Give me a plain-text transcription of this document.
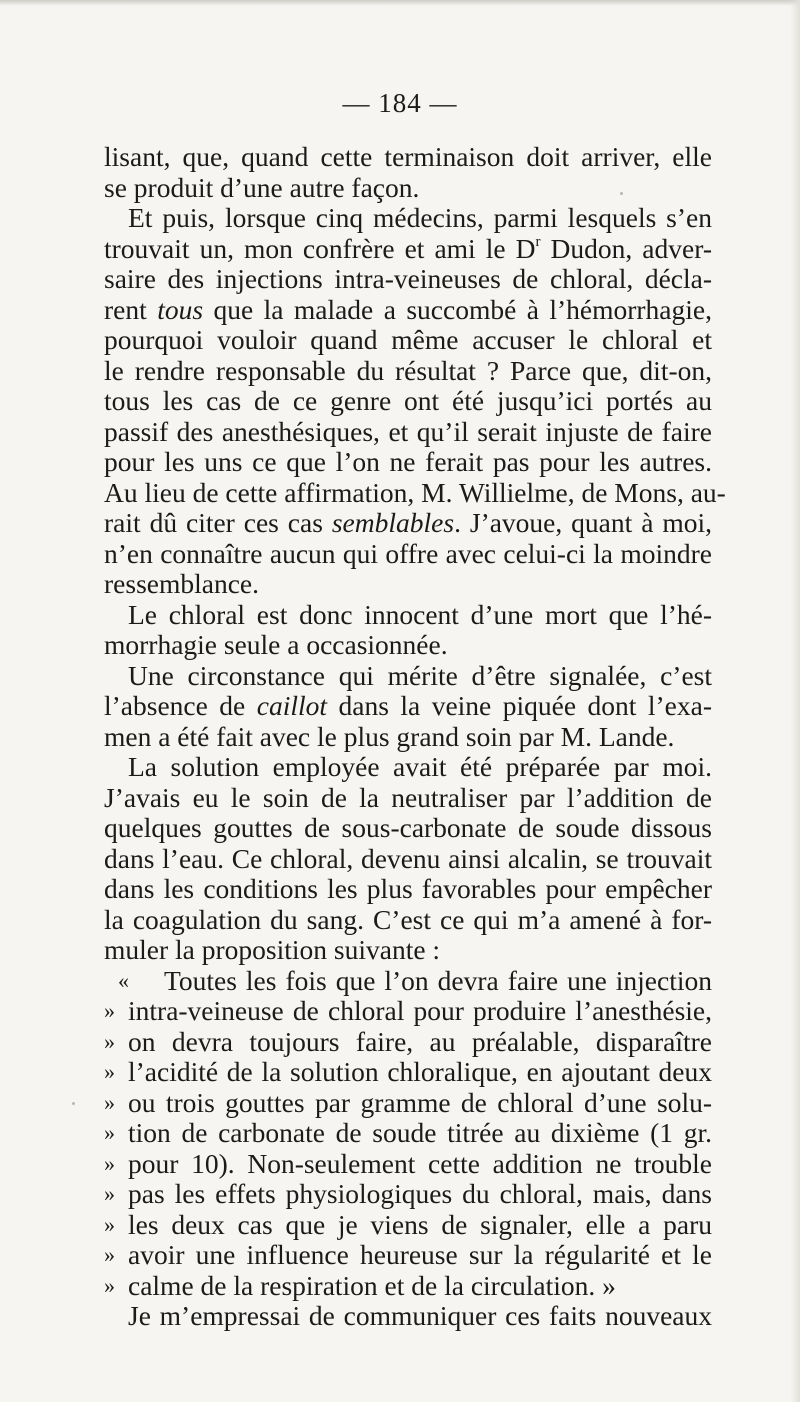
— 184 —
lisant, que, quand cette terminaison doit arriver, elle
se produit d’une autre façon.
Et puis, lorsque cinq médecins, parmi lesquels s’en
trouvait un, mon confrère et ami le $D^r$ Dudon, adver-
saire des injections intra-veineuses de chloral, décla-
rent tous que la malade a succombé à l’hémorrhagie,
pourquoi vouloir quand même accuser le chloral et
le rendre responsable du résultat ? Parce que, dit-on,
tous les cas de ce genre ont été jusqu’ici portés au
passif des anesthésiques, et qu’il serait injuste de faire
pour les uns ce que l’on ne ferait pas pour les autres.
Au lieu de cette affirmation, M. Willielme, de Mons, au-
rait dû citer ces cas semblables. J’avoue, quant à moi,
n’en connaître aucun qui offre avec celui-ci la moindre
ressemblance.
Le chloral est donc innocent d’une mort que l’hé-
morrhagie seule a occasionnée.
Une circonstance qui mérite d’être signalée, c’est
l’absence de caillot dans la veine piquée dont l’exa-
men a été fait avec le plus grand soin par M. Lande.
La solution employée avait été préparée par moi.
J’avais eu le soin de la neutraliser par l’addition de
quelques gouttes de sous-carbonate de soude dissous
dans l’eau. Ce chloral, devenu ainsi alcalin, se trouvait
dans les conditions les plus favorables pour empêcher
la coagulation du sang. C’est ce qui m’a amené à for-
muler la proposition suivante :
«	Toutes les fois que l’on devra faire une injection
» intra-veineuse de chloral pour produire l’anesthésie,
» on devra toujours faire, au préalable, disparaître
» l’acidité de la solution chloralique, en ajoutant deux
» ou trois gouttes par gramme de chloral d’une solu-
» tion de carbonate de soude titrée au dixième (1 gr.
» pour 10). Non-seulement cette addition ne trouble
» pas les effets physiologiques du chloral, mais, dans
» les deux cas que je viens de signaler, elle a paru
» avoir une influence heureuse sur la régularité et le
» calme de la respiration et de la circulation. »
Je m’empressai de communiquer ces faits nouveaux
